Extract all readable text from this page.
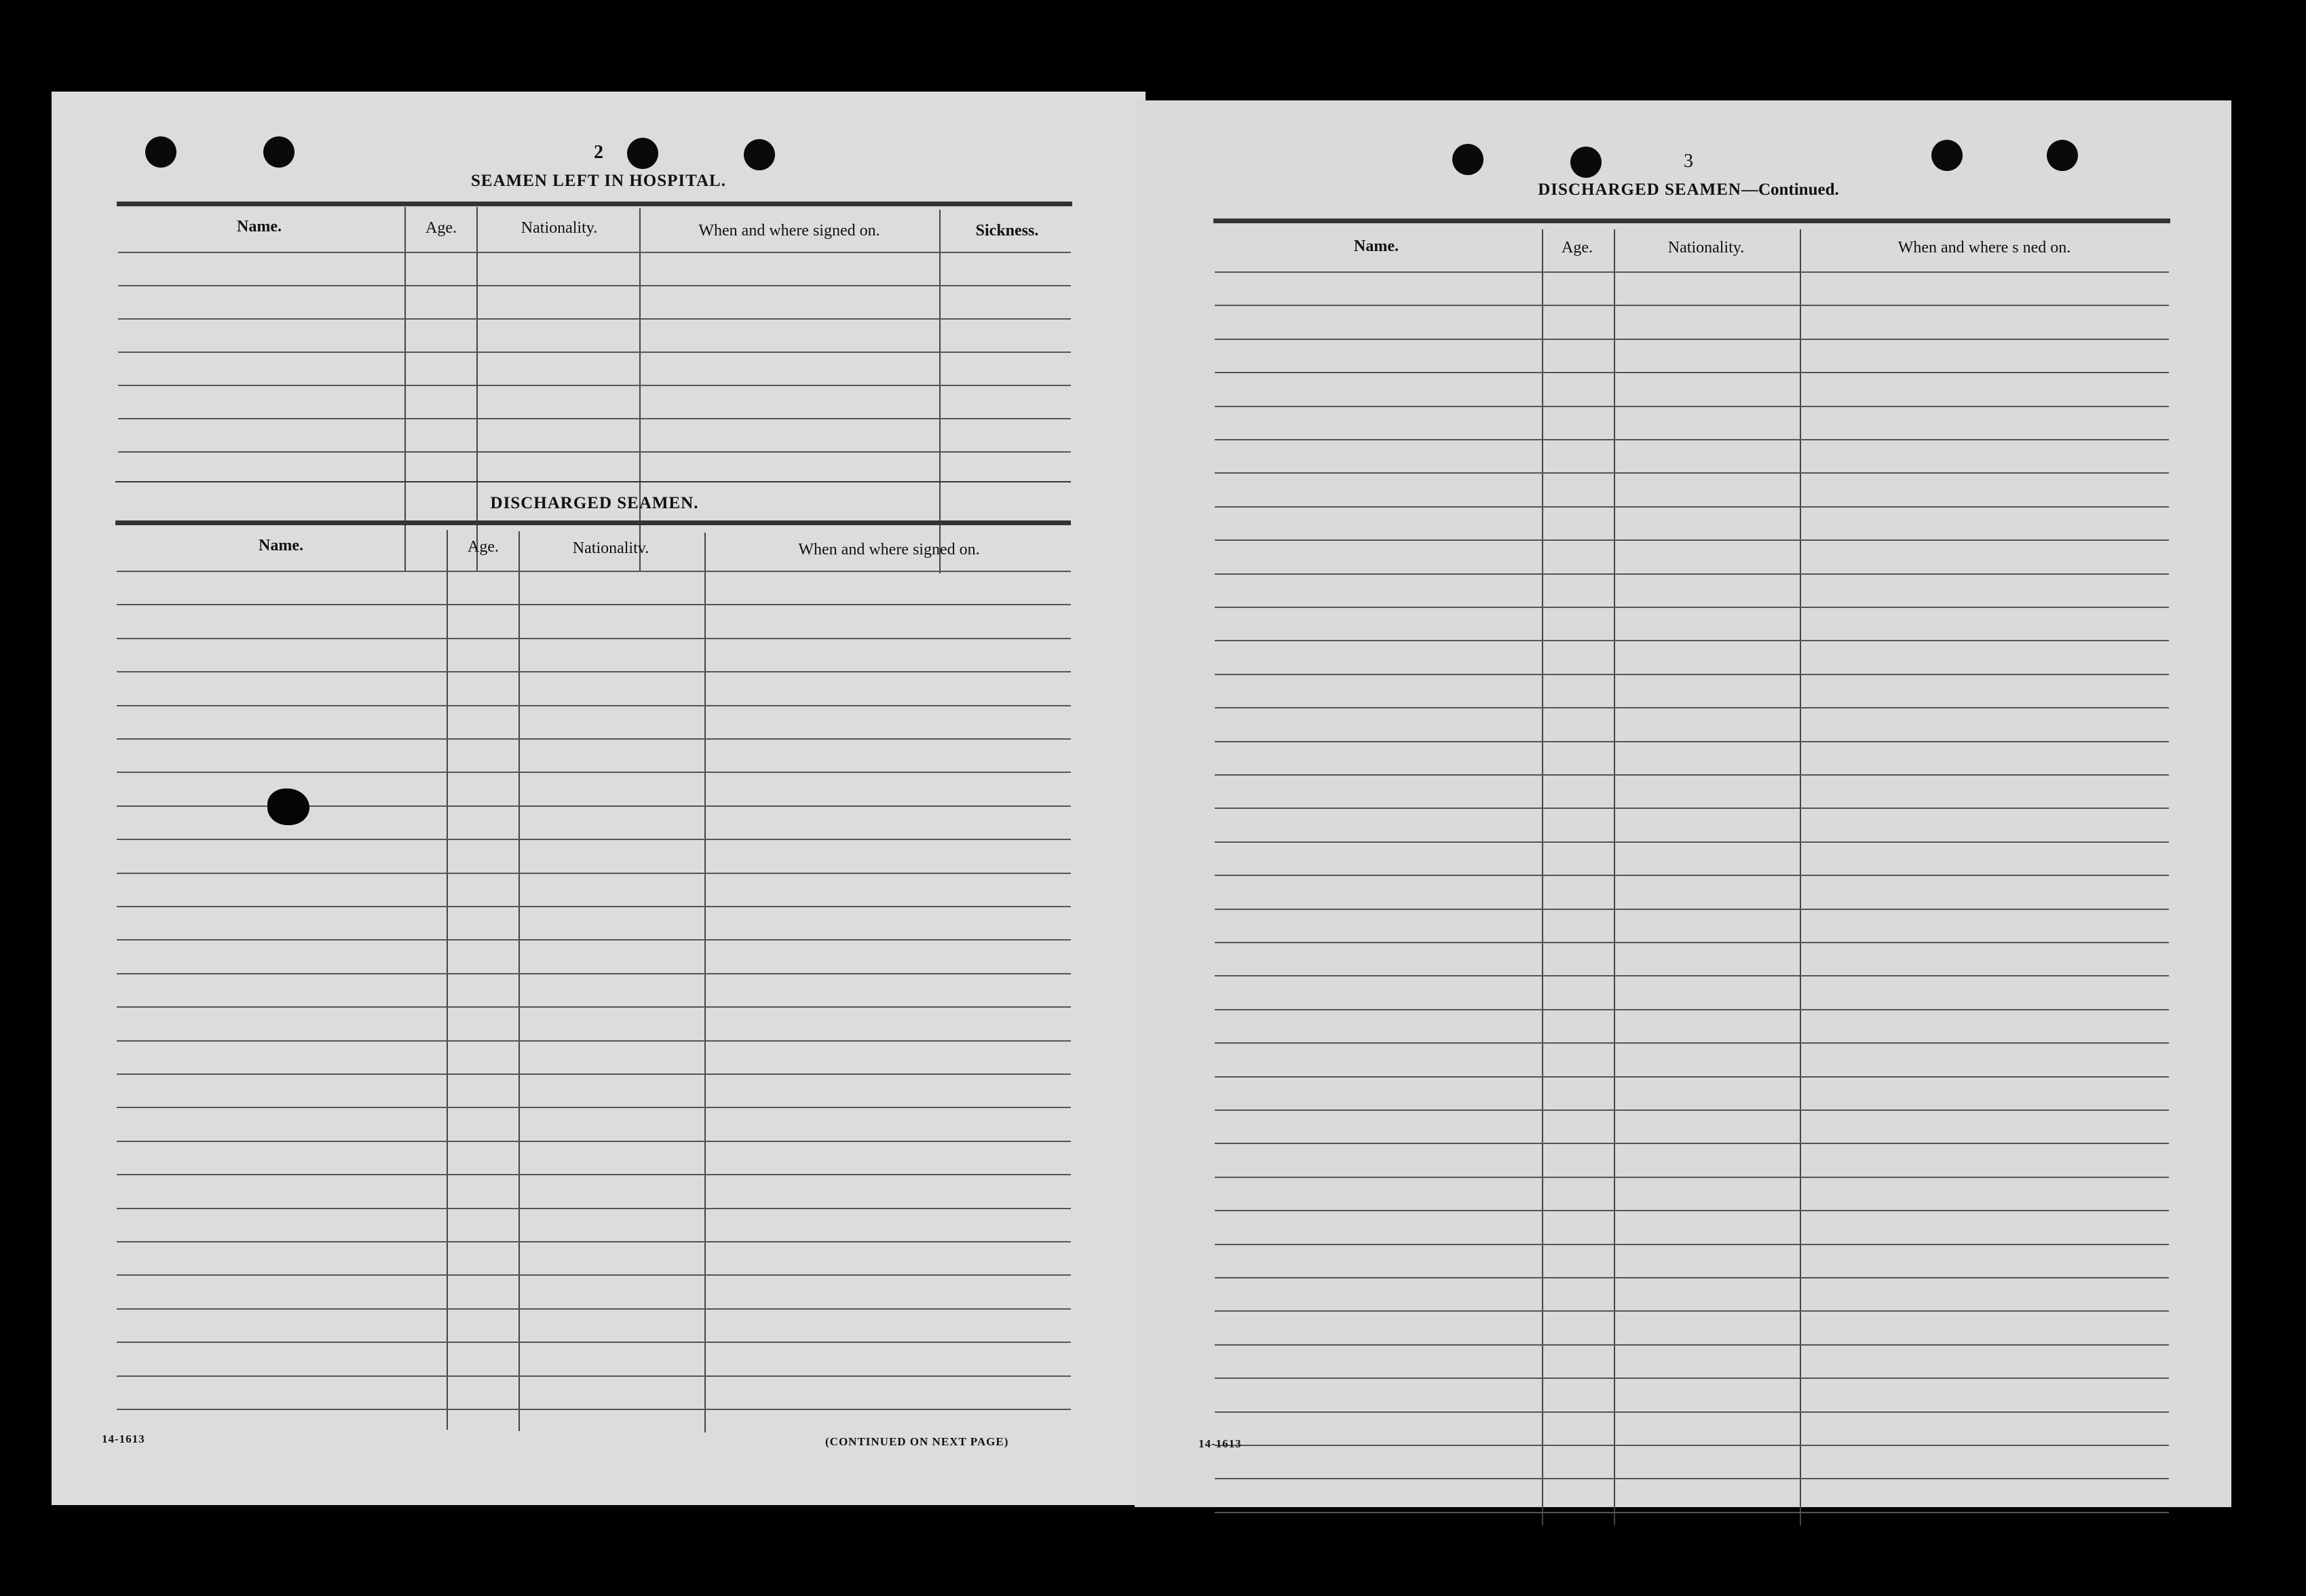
2
SEAMEN LEFT IN HOSPITAL.
Name.	Age.	Nationality.	When and where signed on.	Sickness.
DISCHARGED SEAMEN.
Name.	Age.	Nationalitv.	When and where signed on.
14-1613	(CONTINUED ON NEXT PAGE)
3
DISCHARGED SEAMEN—Continued.
Name.	Age.	Nationality.	When and where s ned on.
14-1613
